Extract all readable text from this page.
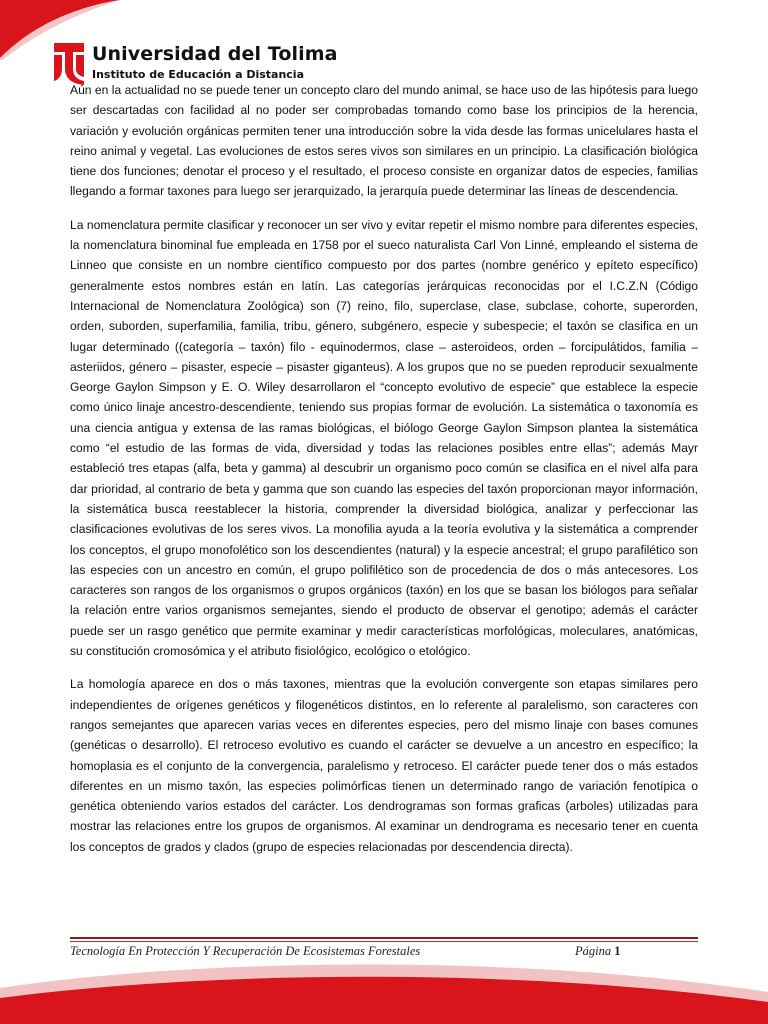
Universidad del Tolima
Instituto de Educación a Distancia

Aún en la actualidad no se puede tener un concepto claro del mundo animal, se hace uso de las hipótesis para luego ser descartadas con facilidad al no poder ser comprobadas tomando como base los principios de la herencia, variación y evolución orgánicas permiten tener una introducción sobre la vida desde las formas unicelulares hasta el reino animal y vegetal. Las evoluciones de estos seres vivos son similares en un principio. La clasificación biológica tiene dos funciones; denotar el proceso y el resultado, el proceso consiste en organizar datos de especies, familias llegando a formar taxones para luego ser jerarquizado, la jerarquía puede determinar las líneas de descendencia.

La nomenclatura permite clasificar y reconocer un ser vivo y evitar repetir el mismo nombre para diferentes especies, la nomenclatura binominal fue empleada en 1758 por el sueco naturalista Carl Von Linné, empleando el sistema de Linneo que consiste en un nombre científico compuesto por dos partes (nombre genérico y epíteto específico) generalmente estos nombres están en latín. Las categorías jerárquicas reconocidas por el I.C.Z.N (Código Internacional de Nomenclatura Zoológica) son (7) reino, filo, superclase, clase, subclase, cohorte, superorden, orden, suborden, superfamilia, familia, tribu, género, subgénero, especie y subespecie; el taxón se clasifica en un lugar determinado ((categoría – taxón) filo - equinodermos, clase – asteroideos, orden – forcipulátidos, familia – asteriidos, género – pisaster, especie – pisaster giganteus). A los grupos que no se pueden reproducir sexualmente George Gaylon Simpson y E. O. Wiley desarrollaron el “concepto evolutivo de especie” que establece la especie como único linaje ancestro-descendiente, teniendo sus propias formar de evolución. La sistemática o taxonomía es una ciencia antigua y extensa de las ramas biológicas, el biólogo George Gaylon Simpson plantea la sistemática como “el estudio de las formas de vida, diversidad y todas las relaciones posibles entre ellas”; además Mayr estableció tres etapas (alfa, beta y gamma) al descubrir un organismo poco común se clasifica en el nivel alfa para dar prioridad, al contrario de beta y gamma que son cuando las especies del taxón proporcionan mayor información, la sistemática busca reestablecer la historia, comprender la diversidad biológica, analizar y perfeccionar las clasificaciones evolutivas de los seres vivos. La monofilia ayuda a la teoría evolutiva y la sistemática a comprender los conceptos, el grupo monofolético son los descendientes (natural) y la especie ancestral; el grupo parafilético son las especies con un ancestro en común, el grupo polifilético son de procedencia de dos o más antecesores. Los caracteres son rangos de los organismos o grupos orgánicos (taxón) en los que se basan los biólogos para señalar la relación entre varios organismos semejantes, siendo el producto de observar el genotipo; además el carácter puede ser un rasgo genético que permite examinar y medir características morfológicas, moleculares, anatómicas, su constitución cromosómica y el atributo fisiológico, ecológico o etológico.

La homología aparece en dos o más taxones, mientras que la evolución convergente son etapas similares pero independientes de orígenes genéticos y filogenéticos distintos, en lo referente al paralelismo, son caracteres con rangos semejantes que aparecen varias veces en diferentes especies, pero del mismo linaje con bases comunes (genéticas o desarrollo). El retroceso evolutivo es cuando el carácter se devuelve a un ancestro en específico; la homoplasia es el conjunto de la convergencia, paralelismo y retroceso. El carácter puede tener dos o más estados diferentes en un mismo taxón, las especies polimórficas tienen un determinado rango de variación fenotípica o genética obteniendo varios estados del carácter. Los dendrogramas son formas graficas (arboles) utilizadas para mostrar las relaciones entre los grupos de organismos. Al examinar un dendrograma es necesario tener en cuenta los conceptos de grados y clados (grupo de especies relacionadas por descendencia directa).

Tecnología En Protección Y Recuperación De Ecosistemas Forestales	Página 1
